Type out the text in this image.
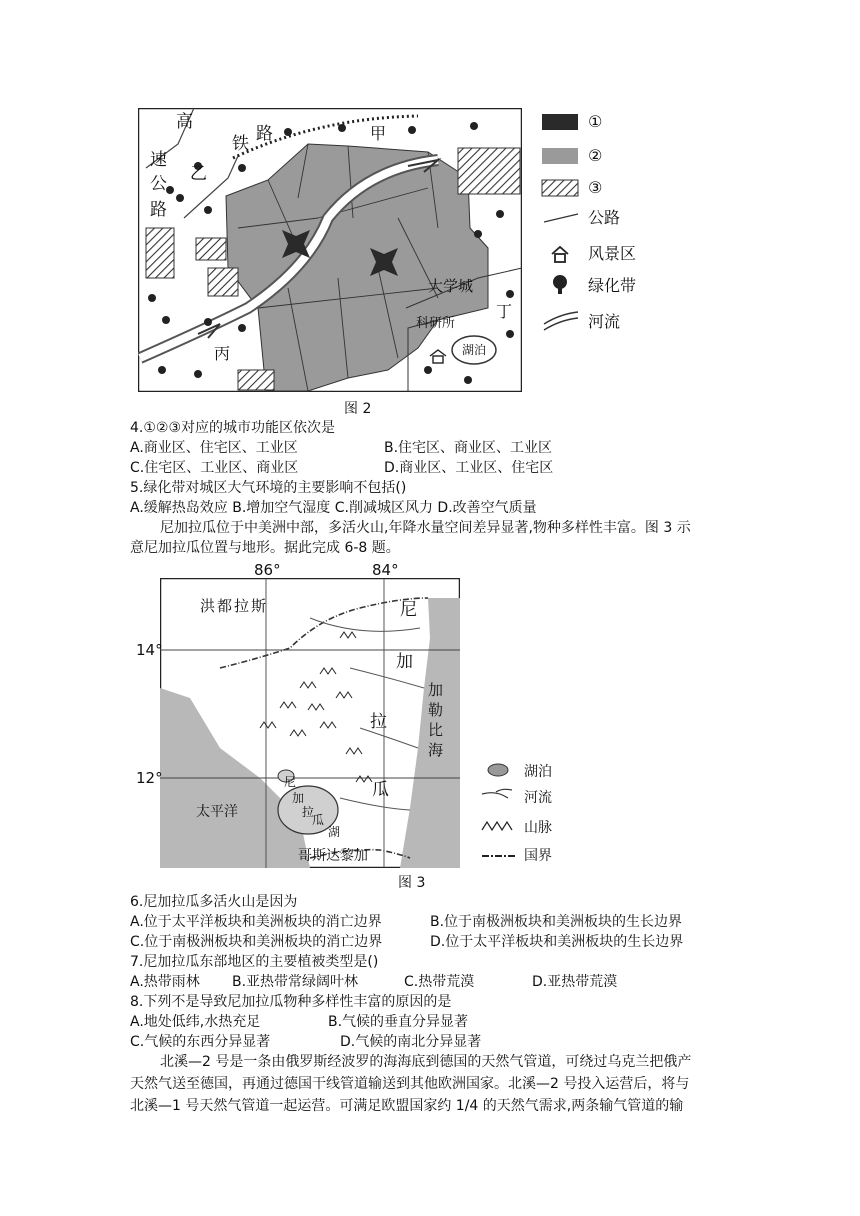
高
速
公
路
乙
铁 路	甲
丙
丁
大学城
科研所
湖泊
①
②
③
公路
风景区
绿化带
河流
图 2
4.①②③对应的城市功能区依次是
A.商业区、住宅区、工业区	B.住宅区、商业区、工业区
C.住宅区、工业区、商业区	D.商业区、工业区、住宅区
5.绿化带对城区大气环境的主要影响不包括()
A.缓解热岛效应 B.增加空气湿度 C.削减城区风力 D.改善空气质量
尼加拉瓜位于中美洲中部，多活火山,年降水量空间差异显著,物种多样性丰富。图 3 示
意尼加拉瓜位置与地形。据此完成 6-8 题。
86°	84°
14°
12°
洪都拉斯	尼
加
拉
瓜
加
勒
比
海
太平洋
尼
加
拉
瓜
湖
哥斯达黎加
湖泊
河流
山脉
国界
图 3
6.尼加拉瓜多活火山是因为
A.位于太平洋板块和美洲板块的消亡边界	B.位于南极洲板块和美洲板块的生长边界
C.位于南极洲板块和美洲板块的消亡边界	D.位于太平洋板块和美洲板块的生长边界
7.尼加拉瓜东部地区的主要植被类型是()
A.热带雨林 B.亚热带常绿阔叶林	C.热带荒漠	D.亚热带荒漠
8.下列不是导致尼加拉瓜物种多样性丰富的原因的是
A.地处低纬,水热充足	B.气候的垂直分异显著
C.气候的东西分异显著	D.气候的南北分异显著
北溪—2 号是一条由俄罗斯经波罗的海海底到德国的天然气管道，可绕过乌克兰把俄产
天然气送至德国，再通过德国干线管道输送到其他欧洲国家。北溪—2 号投入运营后，将与
北溪—1 号天然气管道一起运营。可满足欧盟国家约 1/4 的天然气需求,两条输气管道的输
